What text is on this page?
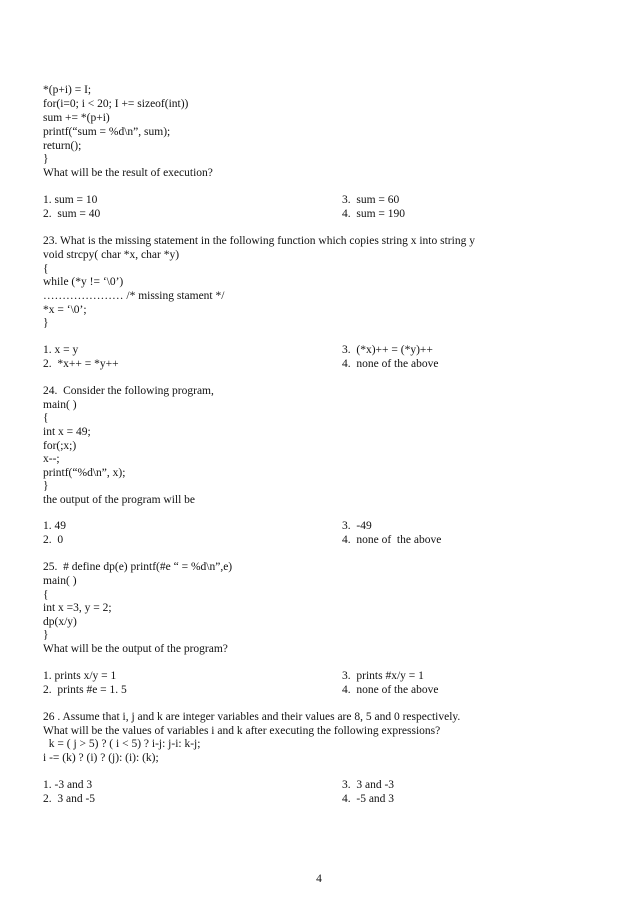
*(p+i) = I;
for(i=0; i < 20; I += sizeof(int))
sum += *(p+i)
printf(“sum = %d\n”, sum);
return();
}
What will be the result of execution?
1. sum = 10
2.  sum = 40
3.  sum = 60
4.  sum = 190
23. What is the missing statement in the following function which copies string x into string y
void strcpy( char *x, char *y)
{
while (*y != ‘\0’)
………………… /* missing stament */
*x = ‘\0’;
}
1. x = y
2.  *x++ = *y++
3.  (*x)++ = (*y)++
4.  none of the above
24.  Consider the following program,
main( )
{
int x = 49;
for(;x;)
x--;
printf(“%d\n”, x);
}
the output of the program will be
1. 49
2.  0
3.  -49
4.  none of  the above
25.  # define dp(e) printf(#e “ = %d\n”,e)
main( )
{
int x =3, y = 2;
dp(x/y)
}
What will be the output of the program?
1. prints x/y = 1
2.  prints #e = 1. 5
3.  prints #x/y = 1
4.  none of the above
26 . Assume that i, j and k are integer variables and their values are 8, 5 and 0 respectively.
What will be the values of variables i and k after executing the following expressions?
k = ( j > 5) ? ( i < 5) ? i-j: j-i: k-j;
i -= (k) ? (i) ? (j): (i): (k);
1. -3 and 3
2.  3 and -5
3.  3 and -3
4.  -5 and 3
4
